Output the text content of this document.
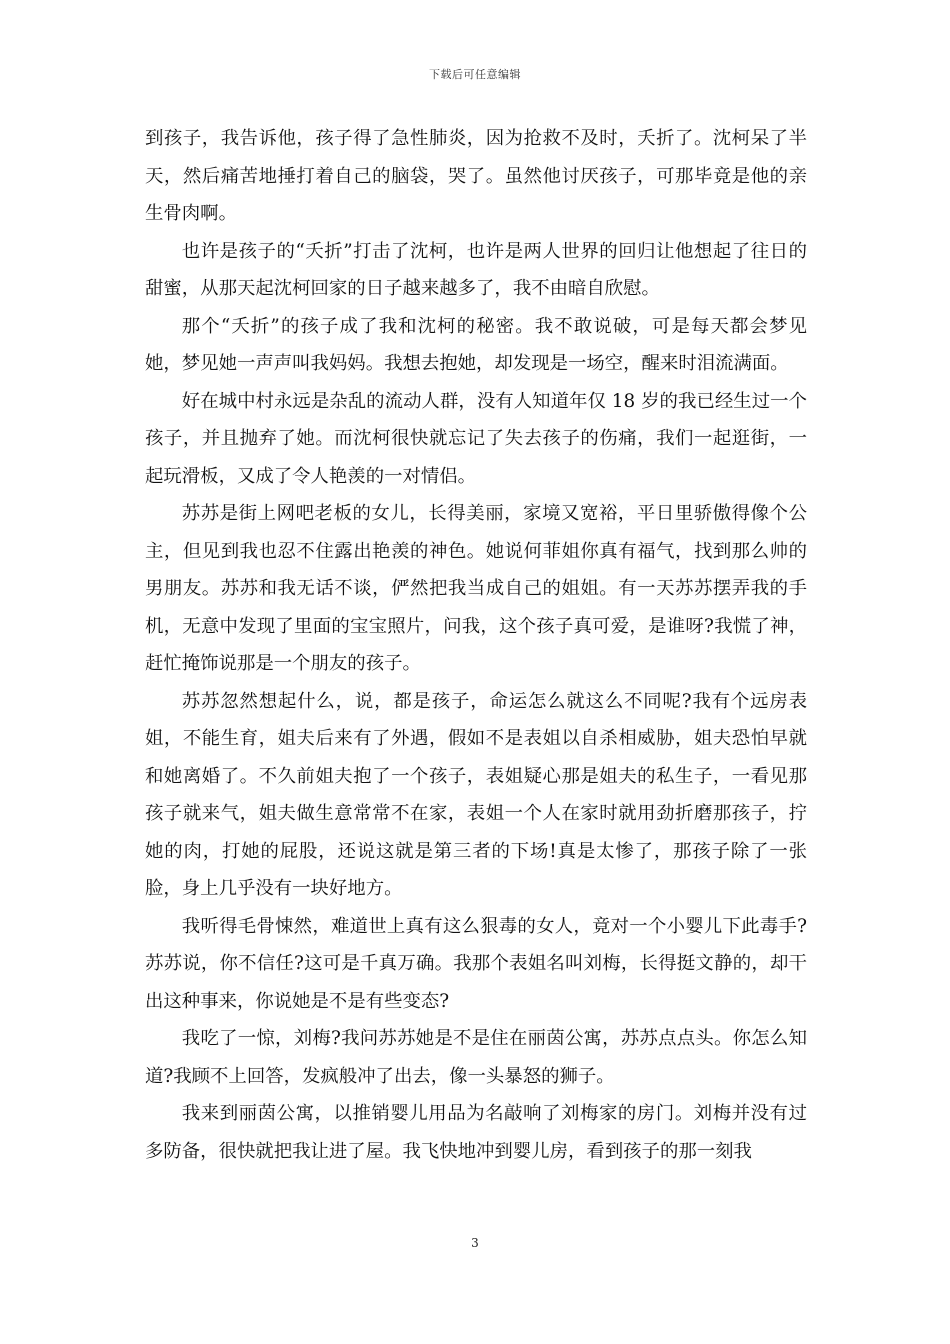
下载后可任意编辑

到孩子，我告诉他，孩子得了急性肺炎，因为抢救不及时，夭折了。沈柯呆了半天，然后痛苦地捶打着自己的脑袋，哭了。虽然他讨厌孩子，可那毕竟是他的亲生骨肉啊。

也许是孩子的“夭折”打击了沈柯，也许是两人世界的回归让他想起了往日的甜蜜，从那天起沈柯回家的日子越来越多了，我不由暗自欣慰。

那个“夭折”的孩子成了我和沈柯的秘密。我不敢说破，可是每天都会梦见她，梦见她一声声叫我妈妈。我想去抱她，却发现是一场空，醒来时泪流满面。

好在城中村永远是杂乱的流动人群，没有人知道年仅 18 岁的我已经生过一个孩子，并且抛弃了她。而沈柯很快就忘记了失去孩子的伤痛，我们一起逛街，一起玩滑板，又成了令人艳羡的一对情侣。

苏苏是街上网吧老板的女儿，长得美丽，家境又宽裕，平日里骄傲得像个公主，但见到我也忍不住露出艳羡的神色。她说何菲姐你真有福气，找到那么帅的男朋友。苏苏和我无话不谈，俨然把我当成自己的姐姐。有一天苏苏摆弄我的手机，无意中发现了里面的宝宝照片，问我，这个孩子真可爱，是谁呀?我慌了神，赶忙掩饰说那是一个朋友的孩子。

苏苏忽然想起什么，说，都是孩子，命运怎么就这么不同呢?我有个远房表姐，不能生育，姐夫后来有了外遇，假如不是表姐以自杀相威胁，姐夫恐怕早就和她离婚了。不久前姐夫抱了一个孩子，表姐疑心那是姐夫的私生子，一看见那孩子就来气，姐夫做生意常常不在家，表姐一个人在家时就用劲折磨那孩子，拧她的肉，打她的屁股，还说这就是第三者的下场!真是太惨了，那孩子除了一张脸，身上几乎没有一块好地方。

我听得毛骨悚然，难道世上真有这么狠毒的女人，竟对一个小婴儿下此毒手?苏苏说，你不信任?这可是千真万确。我那个表姐名叫刘梅，长得挺文静的，却干出这种事来，你说她是不是有些变态?

我吃了一惊，刘梅?我问苏苏她是不是住在丽茵公寓，苏苏点点头。你怎么知道?我顾不上回答，发疯般冲了出去，像一头暴怒的狮子。

我来到丽茵公寓，以推销婴儿用品为名敲响了刘梅家的房门。刘梅并没有过多防备，很快就把我让进了屋。我飞快地冲到婴儿房，看到孩子的那一刻我

3
